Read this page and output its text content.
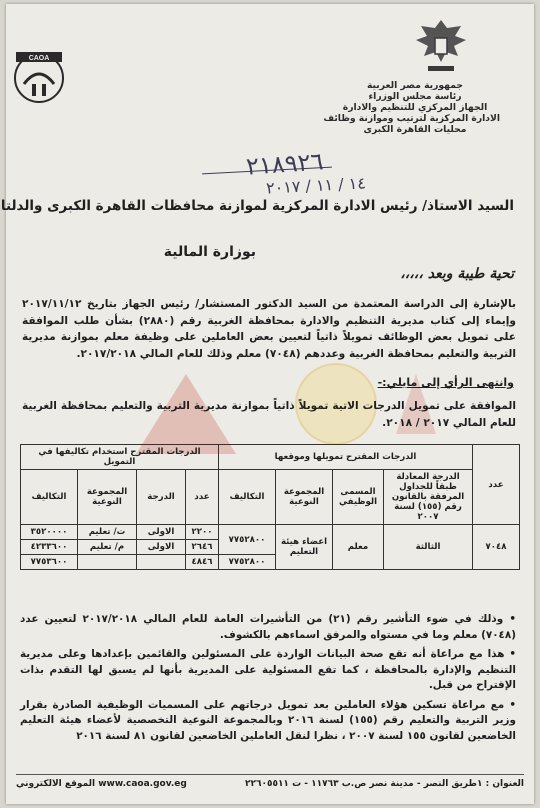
جمهورية مصر العربية
رئاسة مجلس الوزراء
الجهاز المركزي للتنظيم والادارة
الادارة المركزية لترتيب وموازنة وظائف
محليات القاهرة الكبرى
CAOA
٢١٨٩٢٦
١٤ / ١١ / ٢٠١٧
السيد الاستاذ/ رئيس الادارة المركزية لموازنة محافظات القاهرة الكبرى والدلتا
بوزارة المالية
تحية طيبة وبعد ،،،،،
بالإشارة إلى الدراسة المعتمدة من السيد الدكتور المستشار/ رئيس الجهاز بتاريخ ٢٠١٧/١١/١٢ وإيماء إلى كتاب مديرية التنظيم والادارة بمحافظة الغربية رقم (٢٨٨٠) بشأن طلب الموافقة على تمويل بعض الوظائف تمويلاً ذاتياً لتعيين بعض العاملين على وظيفة معلم بموازنة مديرية التربية والتعليم بمحافظة الغربية وعددهم (٧٠٤٨) معلم وذلك للعام المالي ٢٠١٧/٢٠١٨.
وانتهى الرأي إلى مايلي:-
الموافقة على تمويل الدرجات الاتية تمويلاً ذاتياً بموازنة مديرية التربية والتعليم بمحافظة الغربية للعام المالي ٢٠١٧ / ٢٠١٨.
عدد	الدرجات المقترح تمويلها وموقعها				الدرجات المقترح استخدام تكاليفها في التمويل			
	الدرجة المعادلة طبقاً للجداول المرفقة بالقانون رقم (١٥٥) لسنة ٢٠٠٧	المسمى الوظيفي	المجموعة النوعية	التكاليف	عدد	الدرجة	المجموعة النوعية	التكاليف
٧٠٤٨	الثالثة	معلم	اعضاء هيئة التعليم	٧٧٥٢٨٠٠	٢٢٠٠	الاولى	ت/ تعليم	٣٥٢٠٠٠٠
					٢٦٤٦	الاولى	م/ تعليم	٤٢٣٣٦٠٠
				٧٧٥٢٨٠٠	٤٨٤٦			٧٧٥٣٦٠٠

• وذلك في ضوء التأشير رقم (٢١) من التأشيرات العامة للعام المالي ٢٠١٧/٢٠١٨ لتعيين عدد (٧٠٤٨) معلم وما في مستواه والمرفق اسماءهم بالكشوف.

• هذا مع مراعاة أنه تقع صحة البيانات الواردة على المسئولين والقائمين بإعدادها وعلى مديرية التنظيم والإدارة بالمحافظة ، كما تقع المسئولية على المديرية بأنها لم يسبق لها التقدم بذات الإقتراح من قبل.

• مع مراعاة تسكين هؤلاء العاملين بعد تمويل درجاتهم على المسميات الوظيفية الصادرة بقرار وزير التربية والتعليم رقم (١٥٥) لسنة ٢٠١٦ وبالمجموعة النوعية التخصصية لأعضاء هيئة التعليم الخاضعين لقانون ١٥٥ لسنة ٢٠٠٧ ، نظرا لنقل العاملين الخاضعين لقانون ٨١ لسنة ٢٠١٦

العنوان : ١طريق النصر - مدينة نصر ص.ب ١١٧٦٣ - ت ٢٢٦٠٥٥١١
www.caoa.gov.eg الموقع الالكتروني
